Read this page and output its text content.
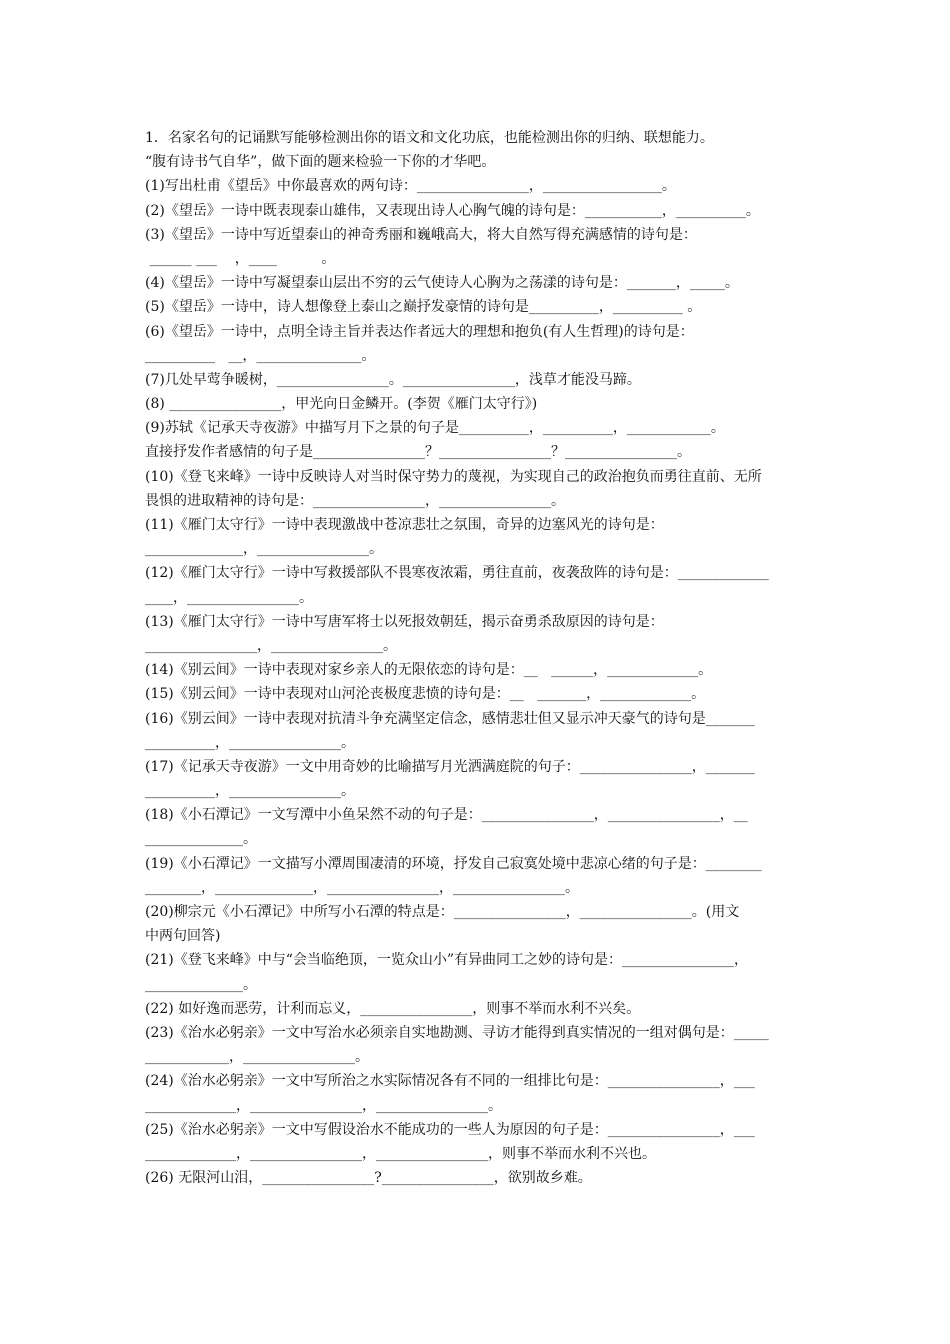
1．名家名句的记诵默写能够检测出你的语文和文化功底，也能检测出你的归纳、联想能力。
“腹有诗书气自华”，做下面的题来检验一下你的才华吧。
(1)写出杜甫《望岳》中你最喜欢的两句诗：________________，_________________。
(2)《望岳》一诗中既表现泰山雄伟，又表现出诗人心胸气魄的诗句是：___________，__________。
(3)《望岳》一诗中写近望泰山的神奇秀丽和巍峨高大，将大自然写得充满感情的诗句是：
______ ___    ，____          。
(4)《望岳》一诗中写凝望泰山层出不穷的云气使诗人心胸为之荡漾的诗句是：_______，_____。
(5)《望岳》一诗中，诗人想像登上泰山之巅抒发豪情的诗句是__________，__________ 。
(6)《望岳》一诗中，点明全诗主旨并表达作者远大的理想和抱负(有人生哲理)的诗句是：
__________   __，_______________。
(7)几处早莺争暖树，________________。________________，浅草才能没马蹄。
(8) ________________，甲光向日金鳞开。(李贺《雁门太守行》)
(9)苏轼《记承天寺夜游》中描写月下之景的句子是__________，__________，____________。
直接抒发作者感情的句子是________________？________________？________________。
(10)《登飞来峰》一诗中反映诗人对当时保守势力的蔑视，为实现自己的政治抱负而勇往直前、无所
畏惧的进取精神的诗句是：________________，________________。
(11)《雁门太守行》一诗中表现激战中苍凉悲壮之氛围，奇异的边塞风光的诗句是：
______________，________________。
(12)《雁门太守行》一诗中写救援部队不畏寒夜浓霜，勇往直前，夜袭敌阵的诗句是：_____________
____，________________。
(13)《雁门太守行》一诗中写唐军将士以死报效朝廷，揭示奋勇杀敌原因的诗句是：
________________，________________。
(14)《别云间》一诗中表现对家乡亲人的无限依恋的诗句是：__   ______，_____________。
(15)《别云间》一诗中表现对山河沦丧极度悲愤的诗句是：__   _______，_____________。
(16)《别云间》一诗中表现对抗清斗争充满坚定信念，感情悲壮但又显示冲天豪气的诗句是_______
__________，________________。
(17)《记承天寺夜游》一文中用奇妙的比喻描写月光洒满庭院的句子：________________，_______
__________，________________。
(18)《小石潭记》一文写潭中小鱼呆然不动的句子是：________________，________________，__
______________。
(19)《小石潭记》一文描写小潭周围凄清的环境，抒发自己寂寞处境中悲凉心绪的句子是：________
________，______________，________________，________________。
(20)柳宗元《小石潭记》中所写小石潭的特点是：________________，________________。(用文
中两句回答)
(21)《登飞来峰》中与“会当临绝顶，一览众山小”有异曲同工之妙的诗句是：________________，
______________。
(22) 如好逸而恶劳，计利而忘义，________________，则事不举而水利不兴矣。
(23)《治水必躬亲》一文中写治水必须亲自实地勘测、寻访才能得到真实情况的一组对偶句是：_____
____________，________________。
(24)《治水必躬亲》一文中写所治之水实际情况各有不同的一组排比句是：________________，___
_____________，________________，________________。
(25)《治水必躬亲》一文中写假设治水不能成功的一些人为原因的句子是：________________，___
_____________，________________，________________，则事不举而水利不兴也。
(26) 无限河山泪，________________?________________，欲别故乡难。
